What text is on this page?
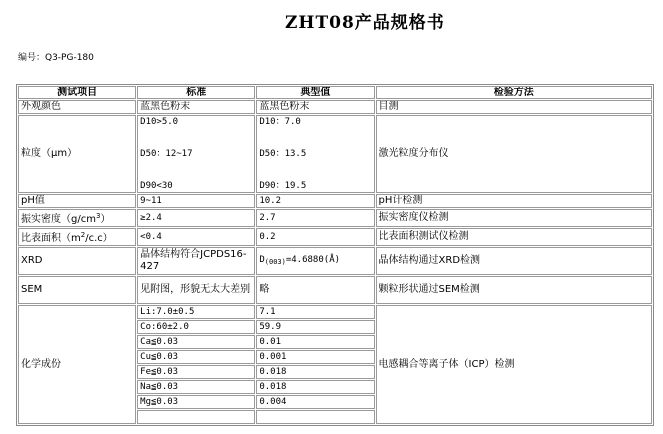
ZHT08产品规格书
编号：Q3-PG-180
测试项目	标准	典型值	检验方法
外观颜色	蓝黑色粉末	蓝黑色粉末	目测
粒度（μm）	D10>5.0
D50：12~17
D90<30	D10：7.0
D50：13.5
D90：19.5	激光粒度分布仪
pH值	9~11	10.2	pH计检测
振实密度$(g/cm^3)$	≥2.4	2.7	振实密度仪检测
比表面积$(m^2/c.c)$	<0.4	0.2	比表面积测试仪检测
XRD	晶体结构符合JCPDS16-427	$D_{(003)}=4.6880(Å)$	晶体结构通过XRD检测
SEM	见附图，形貌无太大差别	略	颗粒形状通过SEM检测
化学成份	Li:7.0±0.5	7.1	电感耦合等离子体（ICP）检测
	Co:60±2.0	59.9	
	Ca≦0.03	0.01	
	Cu≦0.03	0.001	
	Fe≦0.03	0.018	
	Na≦0.03	0.018	
	Mg≦0.03	0.004	
